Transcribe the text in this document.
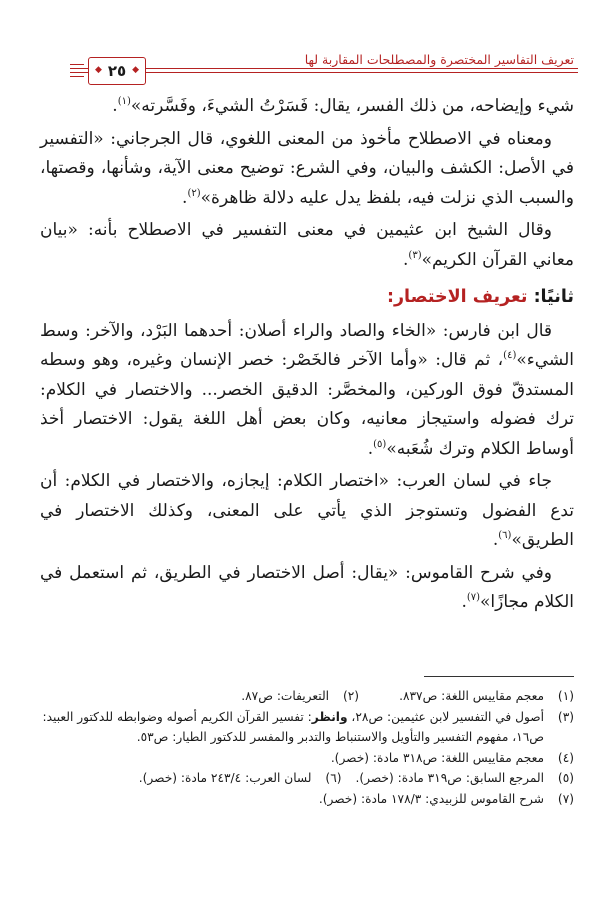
تعريف التفاسير المختصرة والمصطلحات المقاربة لها
◆ ٢٥ ◆

شيء وإيضاحه، من ذلك الفسر، يقال: فَسَرْتُ الشيءَ، وفَسَّرته»$^{(١)}$.

ومعناه في الاصطلاح مأخوذ من المعنى اللغوي، قال الجرجاني: «التفسير في الأصل: الكشف والبيان، وفي الشرع: توضيح معنى الآية، وشأنها، وقصتها، والسبب الذي نزلت فيه، بلفظ يدل عليه دلالة ظاهرة»$^{(٢)}$.

وقال الشيخ ابن عثيمين في معنى التفسير في الاصطلاح بأنه: «بيان معاني القرآن الكريم»$^{(٣)}$.

ثانيًا: تعريف الاختصار:

قال ابن فارس: «الخاء والصاد والراء أصلان: أحدهما البَرْد، والآخر: وسط الشيء»$^{(٤)}$، ثم قال: «وأما الآخر فالخَصْر: خصر الإنسان وغيره، وهو وسطه المستدقّ فوق الوركين، والمخصَّر: الدقيق الخصر... والاختصار في الكلام: ترك فضوله واستيجاز معانيه، وكان بعض أهل اللغة يقول: الاختصار أخذ أوساط الكلام وترك شُعَبه»$^{(٥)}$.

جاء في لسان العرب: «اختصار الكلام: إيجازه، والاختصار في الكلام: أن تدع الفضول وتستوجز الذي يأتي على المعنى، وكذلك الاختصار في الطريق»$^{(٦)}$.

وفي شرح القاموس: «يقال: أصل الاختصار في الطريق، ثم استعمل في الكلام مجازًا»$^{(٧)}$.

(١)
معجم مقاييس اللغة: ص٨٣٧.
(٢)
التعريفات: ص٨٧.
(٣)
أصول في التفسير لابن عثيمين: ص٢٨، وانظر: تفسير القرآن الكريم أصوله وضوابطه للدكتور العبيد: ص١٦، مفهوم التفسير والتأويل والاستنباط والتدبر والمفسر للدكتور الطيار: ص٥٣.
(٤)
معجم مقاييس اللغة: ص٣١٨ مادة: (خصر).
(٥)
المرجع السابق: ص٣١٩ مادة: (خصر).
(٦)
لسان العرب: ٢٤٣/٤ مادة: (خصر).
(٧)
شرح القاموس للزبيدي: ١٧٨/٣ مادة: (خصر).
